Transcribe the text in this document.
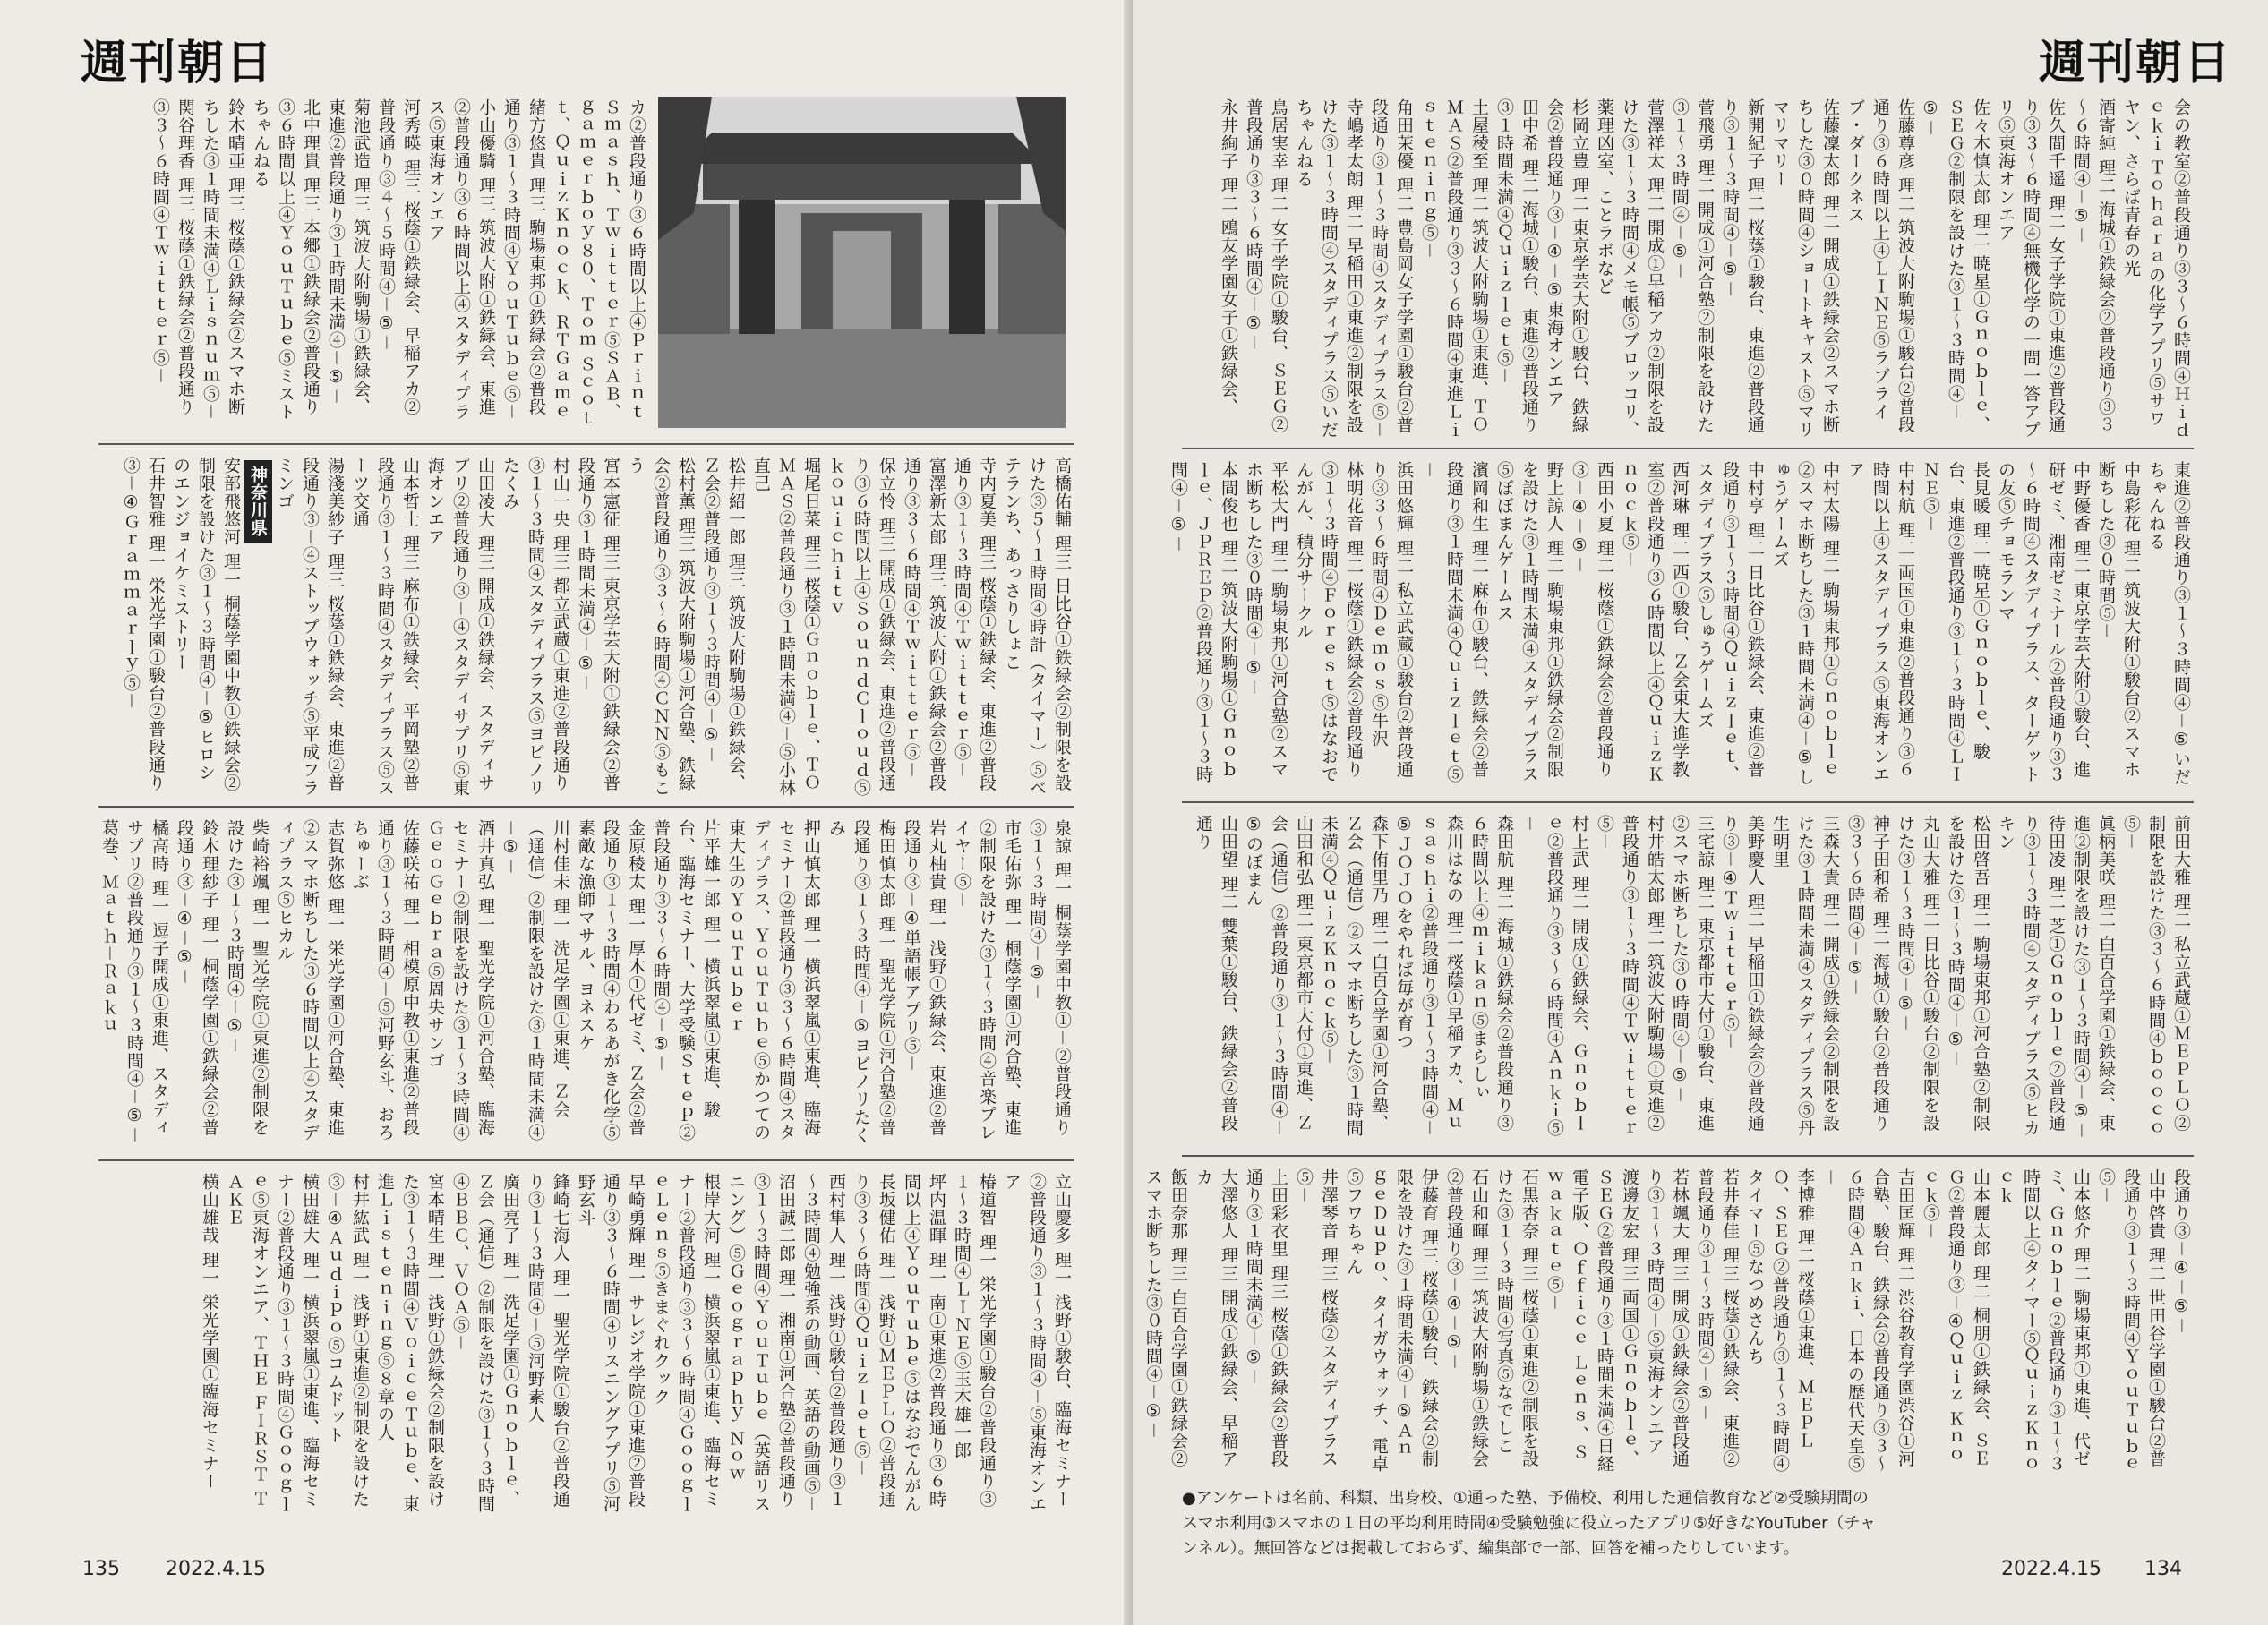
週刊朝日

カ②普段通り③６時間以上④Ｐｒｉｎｔ Ｓｍａｓｈ、Ｔｗｉｔｔｅｒ⑤ＳＡＢ、ｇａｍｅｒｂｏｙ８０、Ｔｏｍ Ｓｃｏｔｔ、ＱｕｉｚＫｎｏｃｋ、ＲＴＧａｍｅ

緒方悠貴 理三 駒場東邦①鉄緑会②普段通り③１～３時間④ＹｏｕＴｕｂｅ⑤－

小山優騎 理三 筑波大附①鉄緑会、東進②普段通り③６時間以上④スタディプラス⑤東海オンエア

河秀暎 理三 桜蔭①鉄緑会、早稲アカ②普段通り③４～５時間④－⑤－

菊池武造 理三 筑波大附駒場①鉄緑会、東進②普段通り③１時間未満④－⑤－

北中理貴 理三 本郷①鉄緑会②普段通り③６時間以上④ＹｏｕＴｕｂｅ⑤ミストちゃんねる

鈴木晴亜 理三 桜蔭①鉄緑会②スマホ断ちした③１時間未満④Ｌｉｓｎｕｍ⑤－

関谷理香 理三 桜蔭①鉄緑会②普段通り③３～６時間④Ｔｗｉｔｔｅｒ⑤－

高橋佑輔 理三 日比谷①鉄緑会②制限を設けた③５～１時間④時計（タイマー）⑤ベテランち、あっさりしょこ

寺内夏美 理三 桜蔭①鉄緑会、東進②普段通り③１～３時間④Ｔｗｉｔｔｅｒ⑤－

富澤新太郎 理三 筑波大附①鉄緑会②普段通り③３～６時間④Ｔｗｉｔｔｅｒ⑤－

保立怜 理三 開成①鉄緑会、東進②普段通り③６時間以上④ＳｏｕｎｄＣｌｏｕｄ⑤ｋｏｕｉｃｈｉｔｖ

堀尾日菜 理三 桜蔭①Ｇｎｏｂｌｅ、ＴＯＭＡＳ②普段通り③１時間未満④－⑤小林直己

松井紹一郎 理三 筑波大附駒場①鉄緑会、Ｚ会②普段通り③１～３時間④－⑤－

松村薫 理三 筑波大附駒場①河合塾、鉄緑会②普段通り③３～６時間④ＣＮＮ⑤もこう

宮本憲征 理三 東京学芸大附①鉄緑会②普段通り③１時間未満④－⑤－

村山一央 理三 都立武蔵①東進②普段通り③１～３時間④スタディプラス⑤ヨビノリたくみ

山田凌大 理三 開成①鉄緑会、スタディサプリ②普段通り③－④スタディサプリ⑤東海オンエア

山本哲士 理三 麻布①鉄緑会、平岡塾②普段通り③１～３時間④スタディプラス⑤スーツ交通

湯淺美紗子 理三 桜蔭①鉄緑会、東進②普段通り③－④ストップウォッチ⑤平成フラミンゴ

神奈川県

安部飛悠河 理一 桐蔭学園中教①鉄緑会②制限を設けた③１～３時間④－⑤ヒロシのエンジョイケミストリー

石井智雅 理一 栄光学園①駿台②普段通り③－④Ｇｒａｍｍａｒｌｙ⑤－

泉諒 理一 桐蔭学園中教①－②普段通り③１～３時間④－⑤－

市毛佑弥 理一 桐蔭学園①河合塾、東進②制限を設けた③１～３時間④音楽プレイヤー⑤－

岩丸柚貴 理一 浅野①鉄緑会、東進②普段通り③－④単語帳アプリ⑤－

梅田慎太郎 理一 聖光学院①河合塾②普段通り③１～３時間④－⑤ヨビノリたくみ

押山慎太郎 理一 横浜翠嵐①東進、臨海セミナー②普段通り③３～６時間④スタディプラス、ＹｏｕＴｕｂｅ⑤かつての東大生のＹｏｕＴｕｂｅｒ

片平雄一郎 理一 横浜翠嵐①東進、駿台、臨海セミナー、大学受験Ｓｔｅｐ②普段通り③３～６時間④－⑤－

金原稜太 理一 厚木①代ゼミ、Ｚ会②普段通り③１～３時間④わるあがき化学⑤素敵な漁師マサル、ヨネスケ

川村佳未 理一 洗足学園①東進、Ｚ会（通信）②制限を設けた③１時間未満④－⑤－

酒井真弘 理一 聖光学院①河合塾、臨海セミナー②制限を設けた③１～３時間④ＧｅｏＧｅｂｒａ⑤周央サンゴ

佐藤咲祐 理一 相模原中教①東進②普段通り③１～３時間④－⑤河野玄斗、おろちゅーぶ

志賀弥悠 理一 栄光学園①河合塾、東進②スマホ断ちした③６時間以上④スタディプラス⑤ヒカル

柴崎裕颯 理一 聖光学院①東進②制限を設けた③１～３時間④－⑤－

鈴木理紗子 理一 桐蔭学園①鉄緑会②普段通り③－④－⑤－

橘高時 理一 逗子開成①東進、スタディサプリ②普段通り③１～３時間④－⑤－

葛巻、Ｍａｔｈ－Ｒａｋｕ

立山慶多 理一 浅野①駿台、臨海セミナー②普段通り③１～３時間④－⑤東海オンエア

椿道智 理一 栄光学園①駿台②普段通り③１～３時間④ＬＩＮＥ⑤玉木雄一郎

坪内温暉 理一 南①東進②普段通り③６時間以上④ＹｏｕＴｕｂｅ⑤はなおでんがん

長坂健佑 理一 浅野①ＭＥＰＬＯ②普段通り③３～６時間④Ｑｕｉｚｌｅｔ⑤－

西村隼人 理一 浅野①駿台②普段通り③１～３時間④勉強系の動画、英語の動画⑤－

沼田誠二郎 理一 湘南①河合塾②普段通り③１～３時間④ＹｏｕＴｕｂｅ（英語リスニング）⑤Ｇｅｏｇｒａｐｈｙ Ｎｏｗ

根岸大河 理一 横浜翠嵐①東進、臨海セミナー②普段通り③３～６時間④ＧｏｏｇｌｅＬｅｎｓ⑤きまぐれクック

早崎勇輝 理一 サレジオ学院①東進②普段通り③３～６時間④リスニングアプリ⑤河野玄斗

鋒崎七海人 理一 聖光学院①駿台②普段通り③１～３時間④－⑤河野素人

廣田亮了 理一 洗足学園①Ｇｎｏｂｌｅ、Ｚ会（通信）②制限を設けた③１～３時間④ＢＢＣ、ＶＯＡ⑤－

宮本晴生 理一 浅野①鉄緑会②制限を設けた③１～３時間④ＶｏｉｃｅＴｕｂｅ、東進Ｌｉｓｔｅｎｉｎｇ⑤８章の人

村井紘武 理一 浅野①東進②制限を設けた③－④Ａｕｄｉｐｏ⑤コムドット

横田雄大 理一 横浜翠嵐①東進、臨海セミナー②普段通り③１～３時間④Ｇｏｏｇｌｅ⑤東海オンエア、ＴＨＥ ＦＩＲＳＴ ＴＡＫＥ

横山雄哉 理一 栄光学園①臨海セミナー

135 2022.4.15
週刊朝日

会の教室②普段通り③３～６時間④Ｈｉｄｅｋｉ Ｔｏｈａｒａの化学アプリ⑤サワヤン、さらば青春の光

酒寄純 理二 海城①鉄緑会②普段通り③３～６時間④－⑤－

佐久間千遥 理二 女子学院①東進②普段通り③３～６時間④無機化学の一問一答アプリ⑤東海オンエア

佐々木慎太郎 理二 暁星①Ｇｎｏｂｌｅ、ＳＥＧ②制限を設けた③１～３時間④－⑤－

佐藤尊彦 理二 筑波大附駒場①駿台②普段通り③６時間以上④ＬＩＮＥ⑤ラブライブ・ダークネス

佐藤凜太郎 理二 開成①鉄緑会②スマホ断ちした③０時間④ショートキャスト⑤マリマリマリー

新開紀子 理二 桜蔭①駿台、東進②普段通り③１～３時間④－⑤－

菅飛勇 理二 開成①河合塾②制限を設けた③１～３時間④－⑤－

菅澤祥太 理二 開成①早稲アカ②制限を設けた③１～３時間④メモ帳⑤ブロッコリ、薬理凶室、ことラボなど

杉岡立豊 理二 東京学芸大附①駿台、鉄緑会②普段通り③－④－⑤東海オンエア

田中希 理二 海城①駿台、東進②普段通り③１時間未満④Ｑｕｉｚｌｅｔ⑤－

土屋稜至 理二 筑波大附駒場①東進、ＴＯＭＡＳ②普段通り③３～６時間④東進Ｌｉｓｔｅｎｉｎｇ⑤－

角田茉優 理二 豊島岡女子学園①駿台②普段通り③１～３時間④スタディプラス⑤－

寺嶋孝太朗 理二 早稲田①東進②制限を設けた③１～３時間④スタディプラス⑤いだちゃんねる

鳥居実幸 理二 女子学院①駿台、ＳＥＧ②普段通り③３～６時間④－⑤－

永井絢子 理二 鴎友学園女子①鉄緑会、

東進②普段通り③１～３時間④－⑤いだちゃんねる

中島彩花 理二 筑波大附①駿台②スマホ断ちした③０時間⑤－

中野優香 理二 東京学芸大附①駿台、進研ゼミ、湘南ゼミナール②普段通り③３～６時間④スタディプラス、ターゲットの友⑤チョモランマ

長見暖 理二 暁星①Ｇｎｏｂｌｅ、駿台、東進②普段通り③１～３時間④ＬＩＮＥ⑤－

中村航 理二 両国①東進②普段通り③６時間以上④スタディプラス⑤東海オンエア

中村太陽 理二 駒場東邦①Ｇｎｏｂｌｅ②スマホ断ちした③１時間未満④－⑤しゅうゲームズ

中村亨 理二 日比谷①鉄緑会、東進②普段通り③１～３時間④Ｑｕｉｚｌｅｔ、スタディプラス⑤しゅうゲームズ

西河琳 理二 西①駿台、Ｚ会東大進学教室②普段通り③６時間以上④ＱｕｉｚＫｎｏｃｋ⑤－

西田小夏 理二 桜蔭①鉄緑会②普段通り③－④－⑤－

野上諒人 理二 駒場東邦①鉄緑会②制限を設けた③１時間未満④スタディプラス⑤ぼぼまんゲームス

濱岡和生 理二 麻布①駿台、鉄緑会②普段通り③１時間未満④Ｑｕｉｚｌｅｔ⑤－

浜田悠輝 理二 私立武蔵①駿台②普段通り③３～６時間④Ｄｅｍｏｓ⑤牛沢

林明花音 理二 桜蔭①鉄緑会②普段通り③１～３時間④Ｆｏｒｅｓｔ⑤はなおでんがん、積分サークル

平松大門 理二 駒場東邦①河合塾②スマホ断ちした③０時間④－⑤－

本間俊也 理二 筑波大附駒場①Ｇｎｏｂｌｅ、ＪＰＲＥＰ②普段通り③１～３時間④－⑤－

前田大雅 理二 私立武蔵①ＭＥＰＬＯ②制限を設けた③３～６時間④ｂｏｏｃｏ⑤－

眞柄美咲 理二 白百合学園①鉄緑会、東進②制限を設けた③１～３時間④－⑤－

待田凌 理二 芝①Ｇｎｏｂｌｅ②普段通り③１～３時間④スタディプラス⑤ヒカキン

松田啓吾 理二 駒場東邦①河合塾②制限を設けた③１～３時間④－⑤－

丸山大雅 理二 日比谷①駿台②制限を設けた③１～３時間④－⑤－

神子田和希 理二 海城①駿台②普段通り③３～６時間④－⑤－

三森大貴 理二 開成①鉄緑会②制限を設けた③１時間未満④スタディプラス⑤丹生明里

美野慶人 理二 早稲田①鉄緑会②普段通り③－④Ｔｗｉｔｔｅｒ⑤－

三宅諒 理二 東京都市大付①駿台、東進②スマホ断ちした③０時間④－⑤－

村井皓太郎 理二 筑波大附駒場①東進②普段通り③１～３時間④Ｔｗｉｔｔｅｒ⑤－

村上武 理二 開成①鉄緑会、Ｇｎｏｂｌｅ②普段通り③３～６時間④Ａｎｋｉ⑤－

森田航 理二 海城①鉄緑会②普段通り③６時間以上④ｍｉｋａｎ⑤まらしぃ

森川はなの 理二 桜蔭①早稲アカ、Ｍｕｓａｓｈｉ②普段通り③１～３時間④－⑤ＪＯＪＯをやれば毎が育つ

森下侑里乃 理二 白百合学園①河合塾、Ｚ会（通信）②スマホ断ちした③１時間未満④ＱｕｉｚＫｎｏｃｋ⑤－

山田和弘 理二 東京都市大付①東進、Ｚ会（通信）②普段通り③１～３時間④－⑤のぼまん

山田望 理二 雙葉①駿台、鉄緑会②普段通り

段通り③－④－⑤－

山中啓貴 理二 世田谷学園①駿台②普段通り③１～３時間④ＹｏｕＴｕｂｅ⑤－

山本悠介 理二 駒場東邦①東進、代ゼミ、Ｇｎｏｂｌｅ②普段通り③１～３時間以上④タイマー⑤ＱｕｉｚＫｎｏｃｋ

山本麗太郎 理二 桐朋①鉄緑会、ＳＥＧ②普段通り③－④Ｑｕｉｚ Ｋｎｏｃｋ⑤－

吉田匡輝 理二 渋谷教育学園渋谷①河合塾、駿台、鉄緑会②普段通り③３～６時間④Ａｎｋｉ、日本の歴代天皇⑤－

李博雅 理二 桜蔭①東進、ＭＥＰＬＯ、ＳＥＧ②普段通り③１～３時間④タイマー⑤なつめさんち

若井春佳 理三 桜蔭①鉄緑会、東進②普段通り③１～３時間④－⑤－

若林颯大 理三 開成①鉄緑会②普段通り③１～３時間④－⑤東海オンエア

渡邊友宏 理三 両国①Ｇｎｏｂｌｅ、ＳＥＧ②普段通り③１時間未満④日経電子版、Ｏｆｆｉｃｅ Ｌｅｎｓ、Ｓｗａｋａｔｅ⑤－

石黒杏奈 理三 桜蔭①東進②制限を設けた③１～３時間④写真⑤なでしこ

石山和暉 理三 筑波大附駒場①鉄緑会②普段通り③－④－⑤－

伊藤育 理三 桜蔭①駿台、鉄緑会②制限を設けた③１時間未満④－⑤ＡｎｇｅＤｕｐｏ、タイガウォッチ、電卓⑤フワちゃん

井澤琴音 理三 桜蔭②スタディプラス⑤－

上田彩衣里 理三 桜蔭①鉄緑会②普段通り③１時間未満④－⑤－

大澤悠人 理三 開成①鉄緑会、早稲アカ

飯田奈那 理三 白百合学園①鉄緑会②スマホ断ちした③０時間④－⑤－

●アンケートは名前、科類、出身校、①通った塾、予備校、利用した通信教育など②受験期間のスマホ利用③スマホの１日の平均利用時間④受験勉強に役立ったアプリ⑤好きなYouTuber（チャンネル）。無回答などは掲載しておらず、編集部で一部、回答を補ったりしています。
2022.4.15 134
